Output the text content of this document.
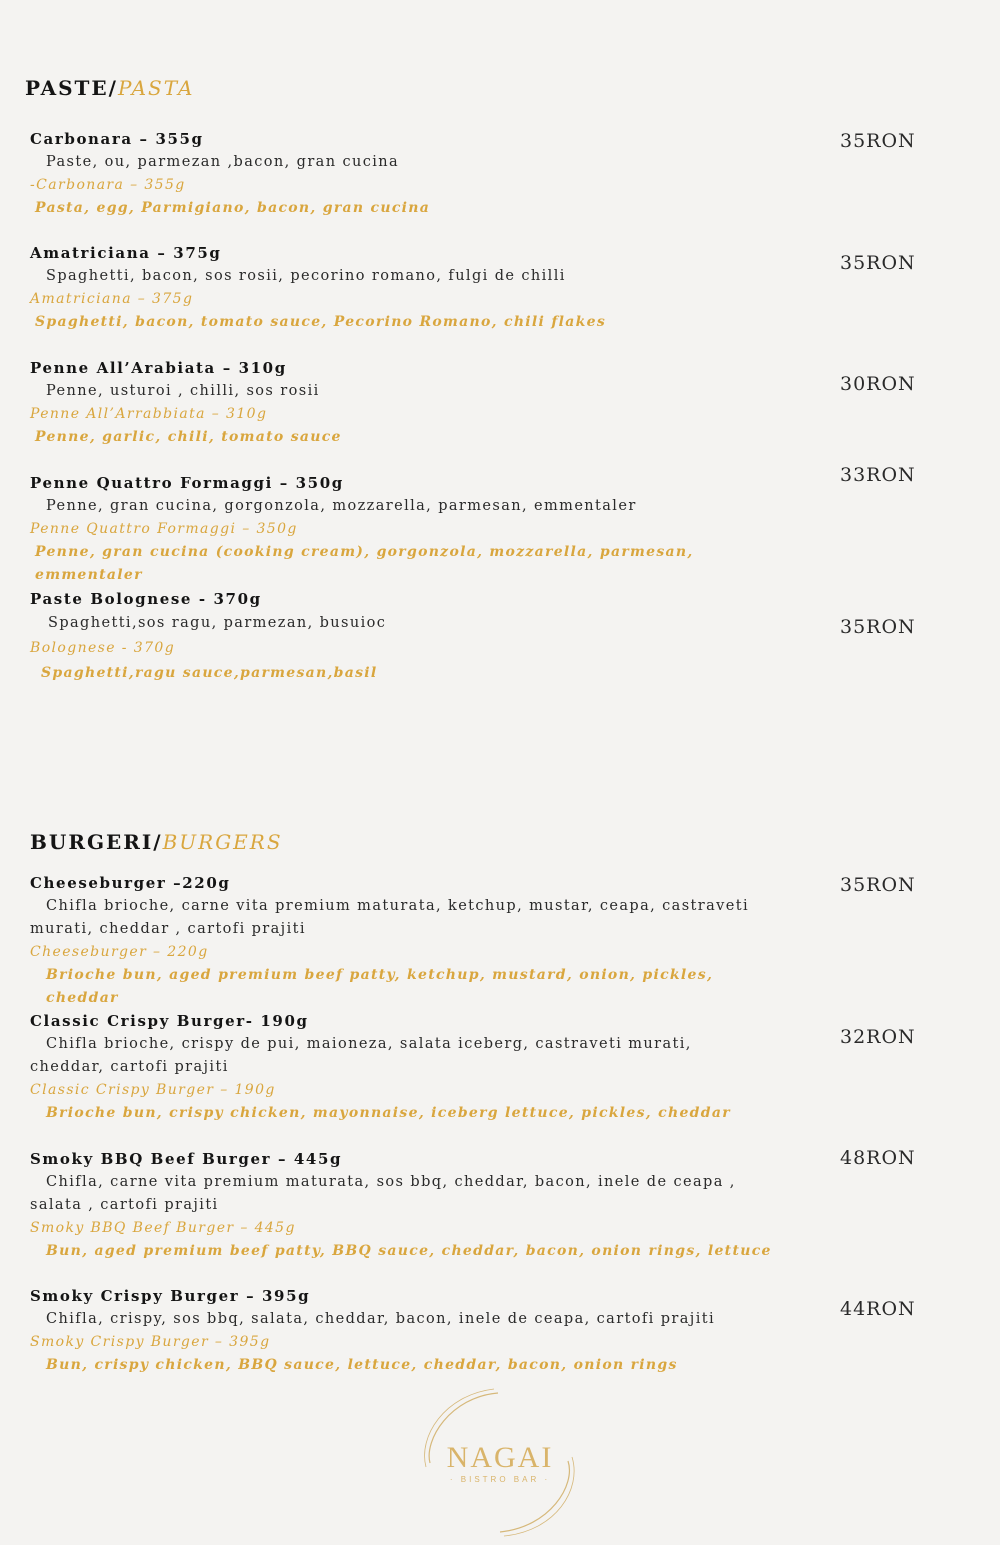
PASTE/PASTA
Carbonara – 355g
Paste, ou, parmezan ,bacon, gran cucina
-Carbonara – 355g
Pasta, egg, Parmigiano, bacon, gran cucina
35RON
Amatriciana – 375g
Spaghetti, bacon, sos rosii, pecorino romano, fulgi de chilli
Amatriciana – 375g
Spaghetti, bacon, tomato sauce, Pecorino Romano, chili flakes
35RON
Penne All’Arabiata – 310g
Penne, usturoi , chilli, sos rosii
Penne All’Arrabbiata – 310g
Penne, garlic, chili, tomato sauce
30RON
Penne Quattro Formaggi – 350g
Penne, gran cucina, gorgonzola, mozzarella, parmesan, emmentaler
Penne Quattro Formaggi – 350g
Penne, gran cucina (cooking cream), gorgonzola, mozzarella, parmesan, emmentaler
33RON
Paste Bolognese - 370g
Spaghetti,sos ragu, parmezan, busuioc
Bolognese - 370g
Spaghetti,ragu sauce,parmesan,basil
35RON
BURGERI/BURGERS
Cheeseburger –220g
Chifla brioche, carne vita premium maturata, ketchup, mustar, ceapa, castraveti murati, cheddar , cartofi prajiti
Cheeseburger – 220g
Brioche bun, aged premium beef patty, ketchup, mustard, onion, pickles, cheddar
35RON
Classic Crispy Burger- 190g
Chifla brioche, crispy de pui, maioneza, salata iceberg, castraveti murati, cheddar, cartofi prajiti
Classic Crispy Burger – 190g
Brioche bun, crispy chicken, mayonnaise, iceberg lettuce, pickles, cheddar
32RON
Smoky BBQ Beef Burger – 445g
Chifla, carne vita premium maturata, sos bbq, cheddar, bacon, inele de ceapa , salata , cartofi prajiti
Smoky BBQ Beef Burger – 445g
Bun, aged premium beef patty, BBQ sauce, cheddar, bacon, onion rings, lettuce
48RON
Smoky Crispy Burger – 395g
Chifla, crispy, sos bbq, salata, cheddar, bacon, inele de ceapa, cartofi prajiti
Smoky Crispy Burger – 395g
Bun, crispy chicken, BBQ sauce, lettuce, cheddar, bacon, onion rings
44RON
NAGAI
· BISTRO BAR ·
